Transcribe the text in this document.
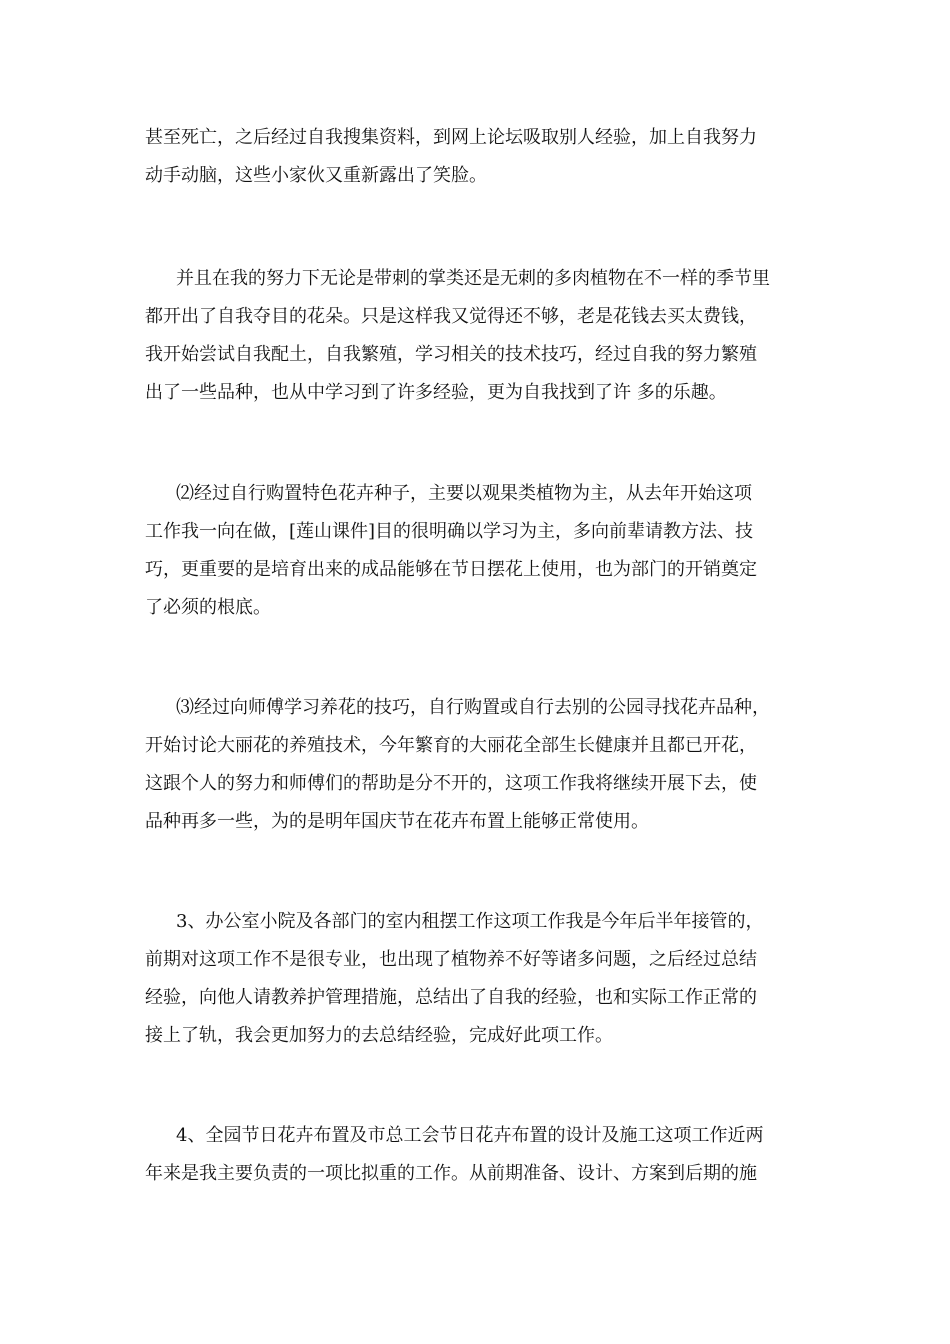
甚至死亡，之后经过自我搜集资料，到网上论坛吸取别人经验，加上自我努力
动手动脑，这些小家伙又重新露出了笑脸。
并且在我的努力下无论是带刺的掌类还是无刺的多肉植物在不一样的季节里
都开出了自我夺目的花朵。只是这样我又觉得还不够，老是花钱去买太费钱，
我开始尝试自我配土，自我繁殖，学习相关的技术技巧，经过自我的努力繁殖
出了一些品种，也从中学习到了许多经验，更为自我找到了许 多的乐趣。
⑵经过自行购置特色花卉种子，主要以观果类植物为主，从去年开始这项
工作我一向在做，[莲山课件]目的很明确以学习为主，多向前辈请教方法、技
巧，更重要的是培育出来的成品能够在节日摆花上使用，也为部门的开销奠定
了必须的根底。
⑶经过向师傅学习养花的技巧，自行购置或自行去别的公园寻找花卉品种，
开始讨论大丽花的养殖技术，今年繁育的大丽花全部生长健康并且都已开花，
这跟个人的努力和师傅们的帮助是分不开的，这项工作我将继续开展下去，使
品种再多一些，为的是明年国庆节在花卉布置上能够正常使用。
3、办公室小院及各部门的室内租摆工作这项工作我是今年后半年接管的，
前期对这项工作不是很专业，也出现了植物养不好等诸多问题，之后经过总结
经验，向他人请教养护管理措施，总结出了自我的经验，也和实际工作正常的
接上了轨，我会更加努力的去总结经验，完成好此项工作。
4、全园节日花卉布置及市总工会节日花卉布置的设计及施工这项工作近两
年来是我主要负责的一项比拟重的工作。从前期准备、设计、方案到后期的施
